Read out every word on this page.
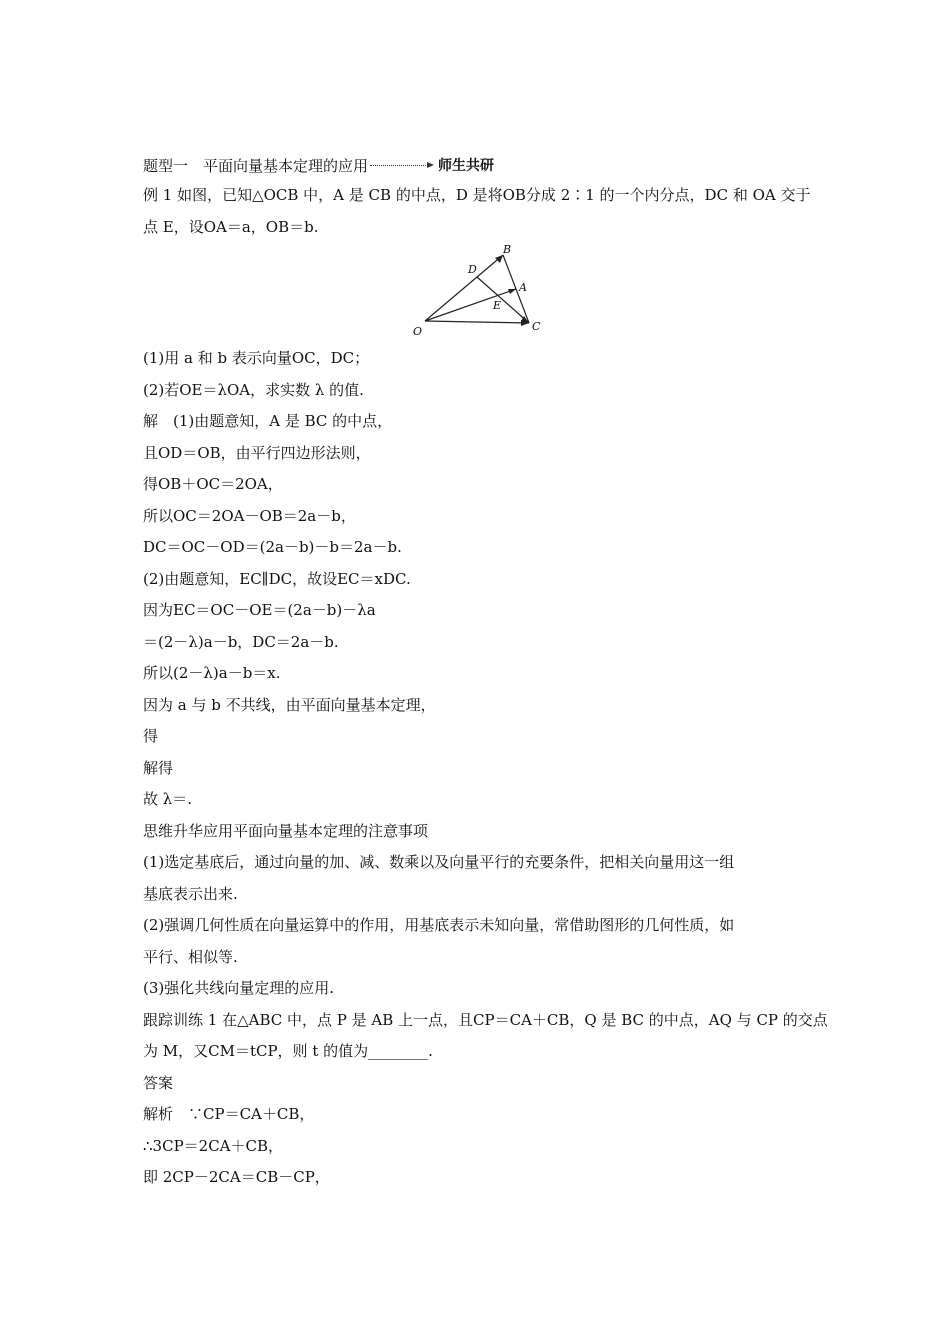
题型一　平面向量基本定理的应用	师生共研
例 1 如图，已知△OCB 中，A 是 CB 的中点，D 是将OB分成 2∶1 的一个内分点，DC 和 OA 交于
点 E，设OA＝a，OB＝b.
O
B
C
D
A
E
(1)用 a 和 b 表示向量OC，DC；
(2)若OE＝λOA，求实数 λ 的值.
解　(1)由题意知，A 是 BC 的中点，
且OD＝OB，由平行四边形法则，
得OB＋OC＝2OA，
所以OC＝2OA－OB＝2a－b，
DC＝OC－OD＝(2a－b)－b＝2a－b.
(2)由题意知，EC∥DC，故设EC＝xDC.
因为EC＝OC－OE＝(2a－b)－λa
＝(2－λ)a－b，DC＝2a－b.
所以(2－λ)a－b＝x.
因为 a 与 b 不共线，由平面向量基本定理，
得
解得
故 λ＝.
思维升华应用平面向量基本定理的注意事项
(1)选定基底后，通过向量的加、减、数乘以及向量平行的充要条件，把相关向量用这一组
基底表示出来.
(2)强调几何性质在向量运算中的作用，用基底表示未知向量，常借助图形的几何性质，如
平行、相似等.
(3)强化共线向量定理的应用.
跟踪训练 1 在△ABC 中，点 P 是 AB 上一点，且CP＝CA＋CB，Q 是 BC 的中点，AQ 与 CP 的交点
为 M，又CM＝tCP，则 t 的值为________.
答案
解析　∵CP＝CA＋CB，
∴3CP＝2CA＋CB，
即 2CP－2CA＝CB－CP，
